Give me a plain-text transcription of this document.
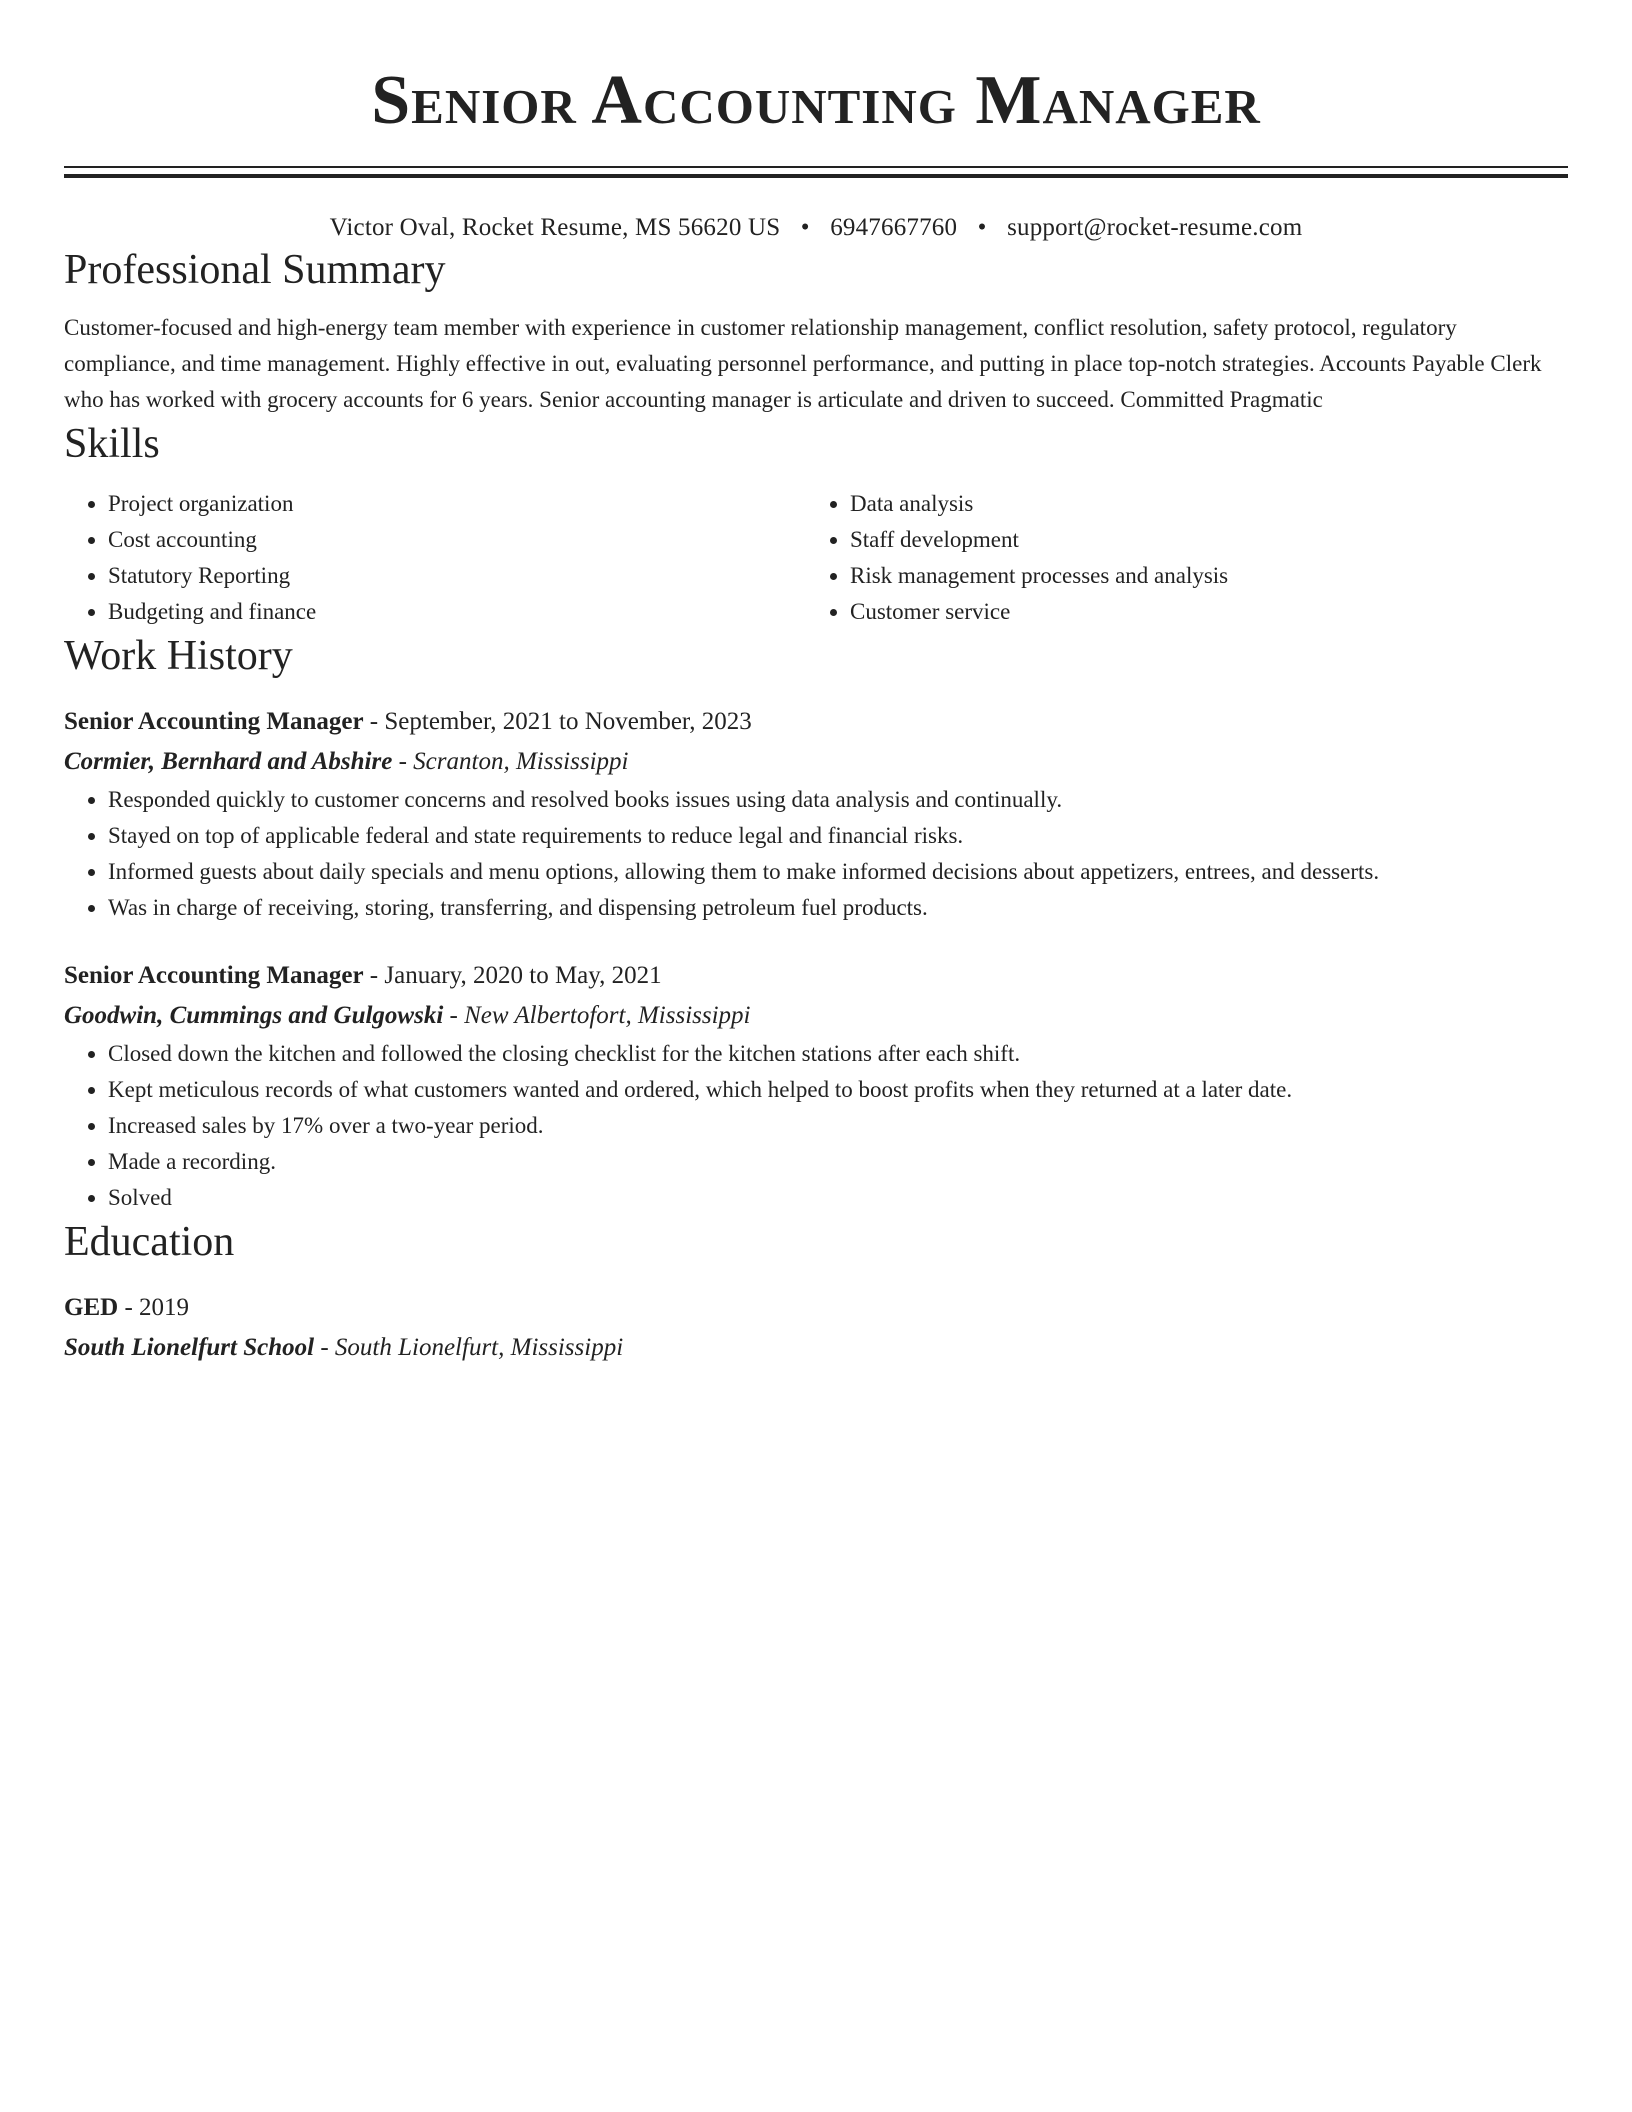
Senior Accounting Manager
Victor Oval, Rocket Resume, MS 56620 US • 6947667760 • support@rocket-resume.com
Professional Summary
Customer-focused and high-energy team member with experience in customer relationship management, conflict resolution, safety protocol, regulatory compliance, and time management. Highly effective in out, evaluating personnel performance, and putting in place top-notch strategies. Accounts Payable Clerk who has worked with grocery accounts for 6 years. Senior accounting manager is articulate and driven to succeed. Committed Pragmatic
Skills
• Project organization
• Cost accounting
• Statutory Reporting
• Budgeting and finance
• Data analysis
• Staff development
• Risk management processes and analysis
• Customer service
Work History
Senior Accounting Manager - September, 2021 to November, 2023
Cormier, Bernhard and Abshire - Scranton, Mississippi
• Responded quickly to customer concerns and resolved books issues using data analysis and continually.
• Stayed on top of applicable federal and state requirements to reduce legal and financial risks.
• Informed guests about daily specials and menu options, allowing them to make informed decisions about appetizers, entrees, and desserts.
• Was in charge of receiving, storing, transferring, and dispensing petroleum fuel products.
Senior Accounting Manager - January, 2020 to May, 2021
Goodwin, Cummings and Gulgowski - New Albertofort, Mississippi
• Closed down the kitchen and followed the closing checklist for the kitchen stations after each shift.
• Kept meticulous records of what customers wanted and ordered, which helped to boost profits when they returned at a later date.
• Increased sales by 17% over a two-year period.
• Made a recording.
• Solved
Education
GED - 2019
South Lionelfurt School - South Lionelfurt, Mississippi
